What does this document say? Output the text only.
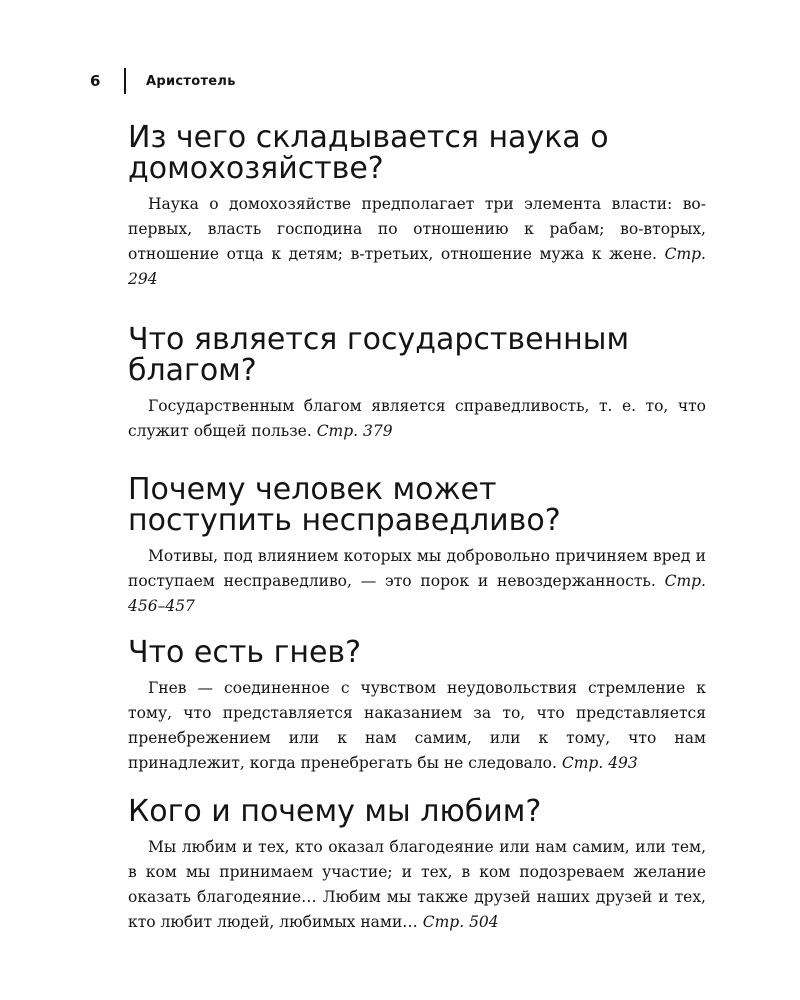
6	Аристотель
Из чего складывается наука о домохозяйстве?

Наука о домохозяйстве предполагает три элемента власти: во-первых, власть господина по отношению к рабам; во-вторых, отношение отца к детям; в-третьих, отношение мужа к жене. Стр. 294

Что является государственным благом?

Государственным благом является справедливость, т. е. то, что служит общей пользе. Стр. 379

Почему человек может поступить несправедливо?

Мотивы, под влиянием которых мы добровольно причиняем вред и поступаем несправедливо, — это порок и невоздержанность. Стр. 456–457

Что есть гнев?

Гнев — соединенное с чувством неудовольствия стремление к тому, что представляется наказанием за то, что представляется пренебрежением или к нам самим, или к тому, что нам принадлежит, когда пренебрегать бы не следовало. Стр. 493

Кого и почему мы любим?

Мы любим и тех, кто оказал благодеяние или нам самим, или тем, в ком мы принимаем участие; и тех, в ком подозреваем желание оказать благодеяние… Любим мы также друзей наших друзей и тех, кто любит людей, любимых нами… Стр. 504
